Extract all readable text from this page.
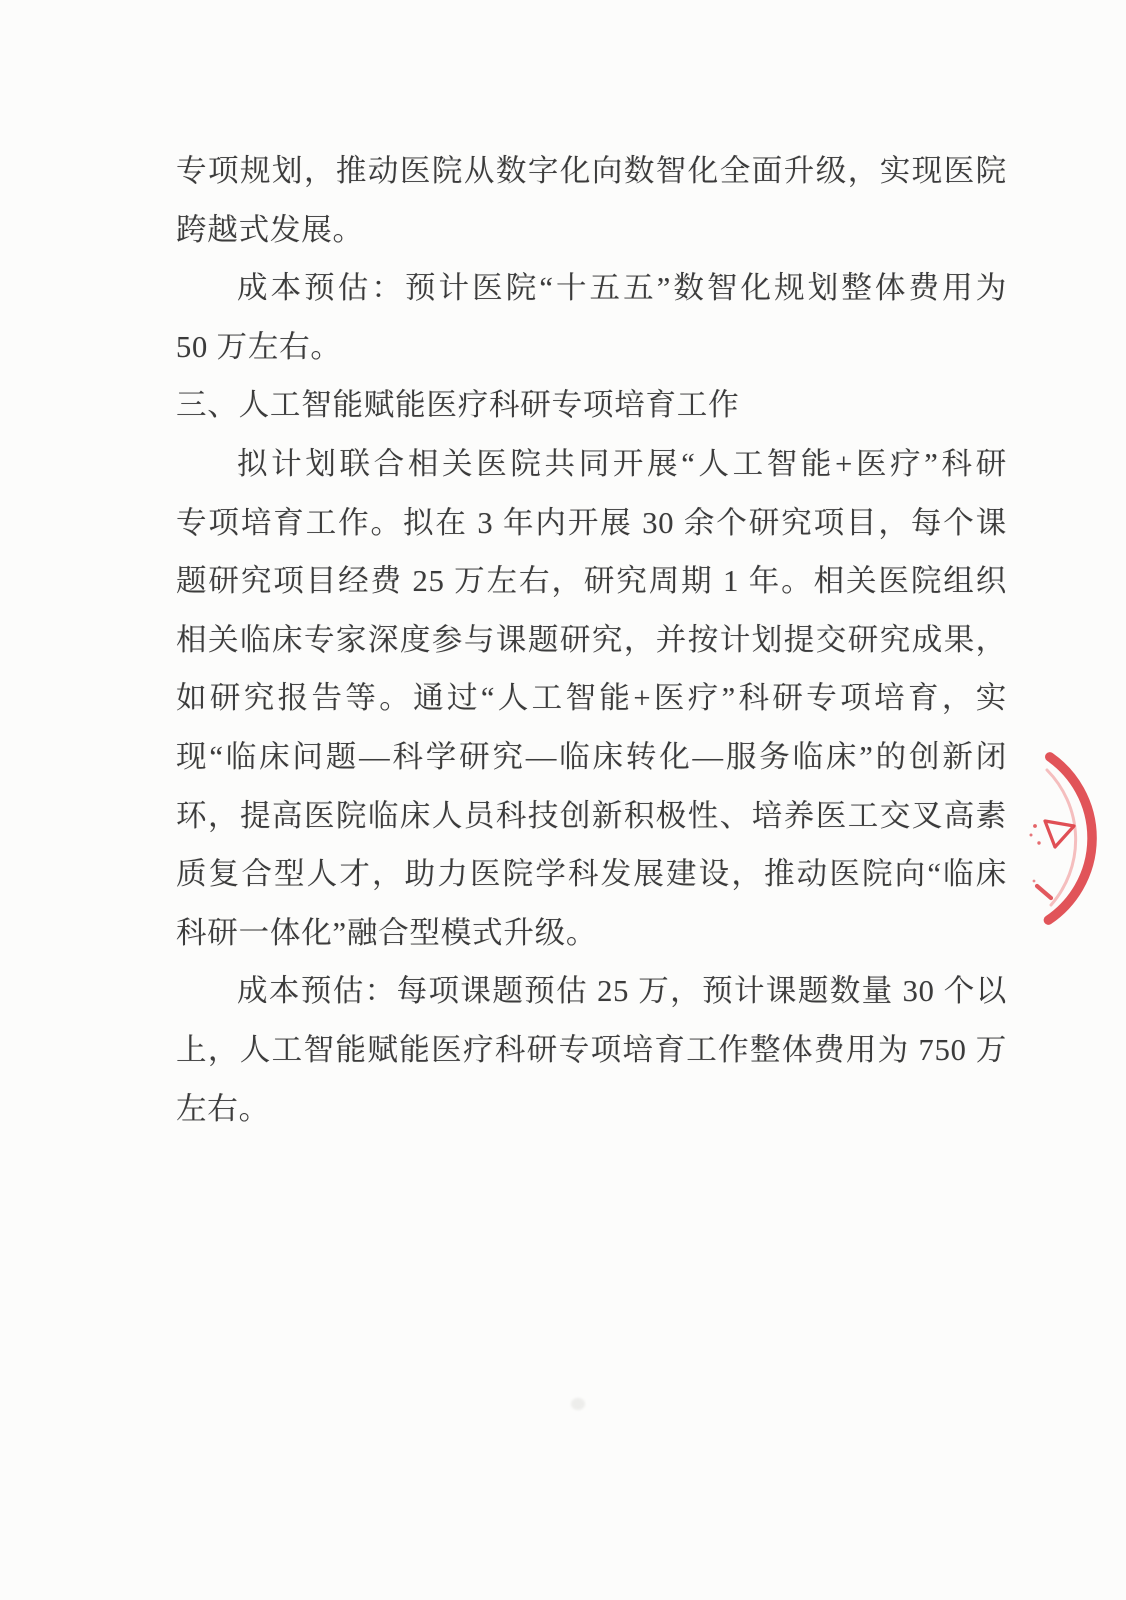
专项规划，推动医院从数字化向数智化全面升级，实现医院
跨越式发展。
成本预估：预计医院“十五五”数智化规划整体费用为
50 万左右。
三、人工智能赋能医疗科研专项培育工作
拟计划联合相关医院共同开展“人工智能+医疗”科研
专项培育工作。拟在 3 年内开展 30 余个研究项目，每个课
题研究项目经费 25 万左右，研究周期 1 年。相关医院组织
相关临床专家深度参与课题研究，并按计划提交研究成果，
如研究报告等。通过“人工智能+医疗”科研专项培育，实
现“临床问题—科学研究—临床转化—服务临床”的创新闭
环，提高医院临床人员科技创新积极性、培养医工交叉高素
质复合型人才，助力医院学科发展建设，推动医院向“临床
科研一体化”融合型模式升级。
成本预估：每项课题预估 25 万，预计课题数量 30 个以
上，人工智能赋能医疗科研专项培育工作整体费用为 750 万
左右。
